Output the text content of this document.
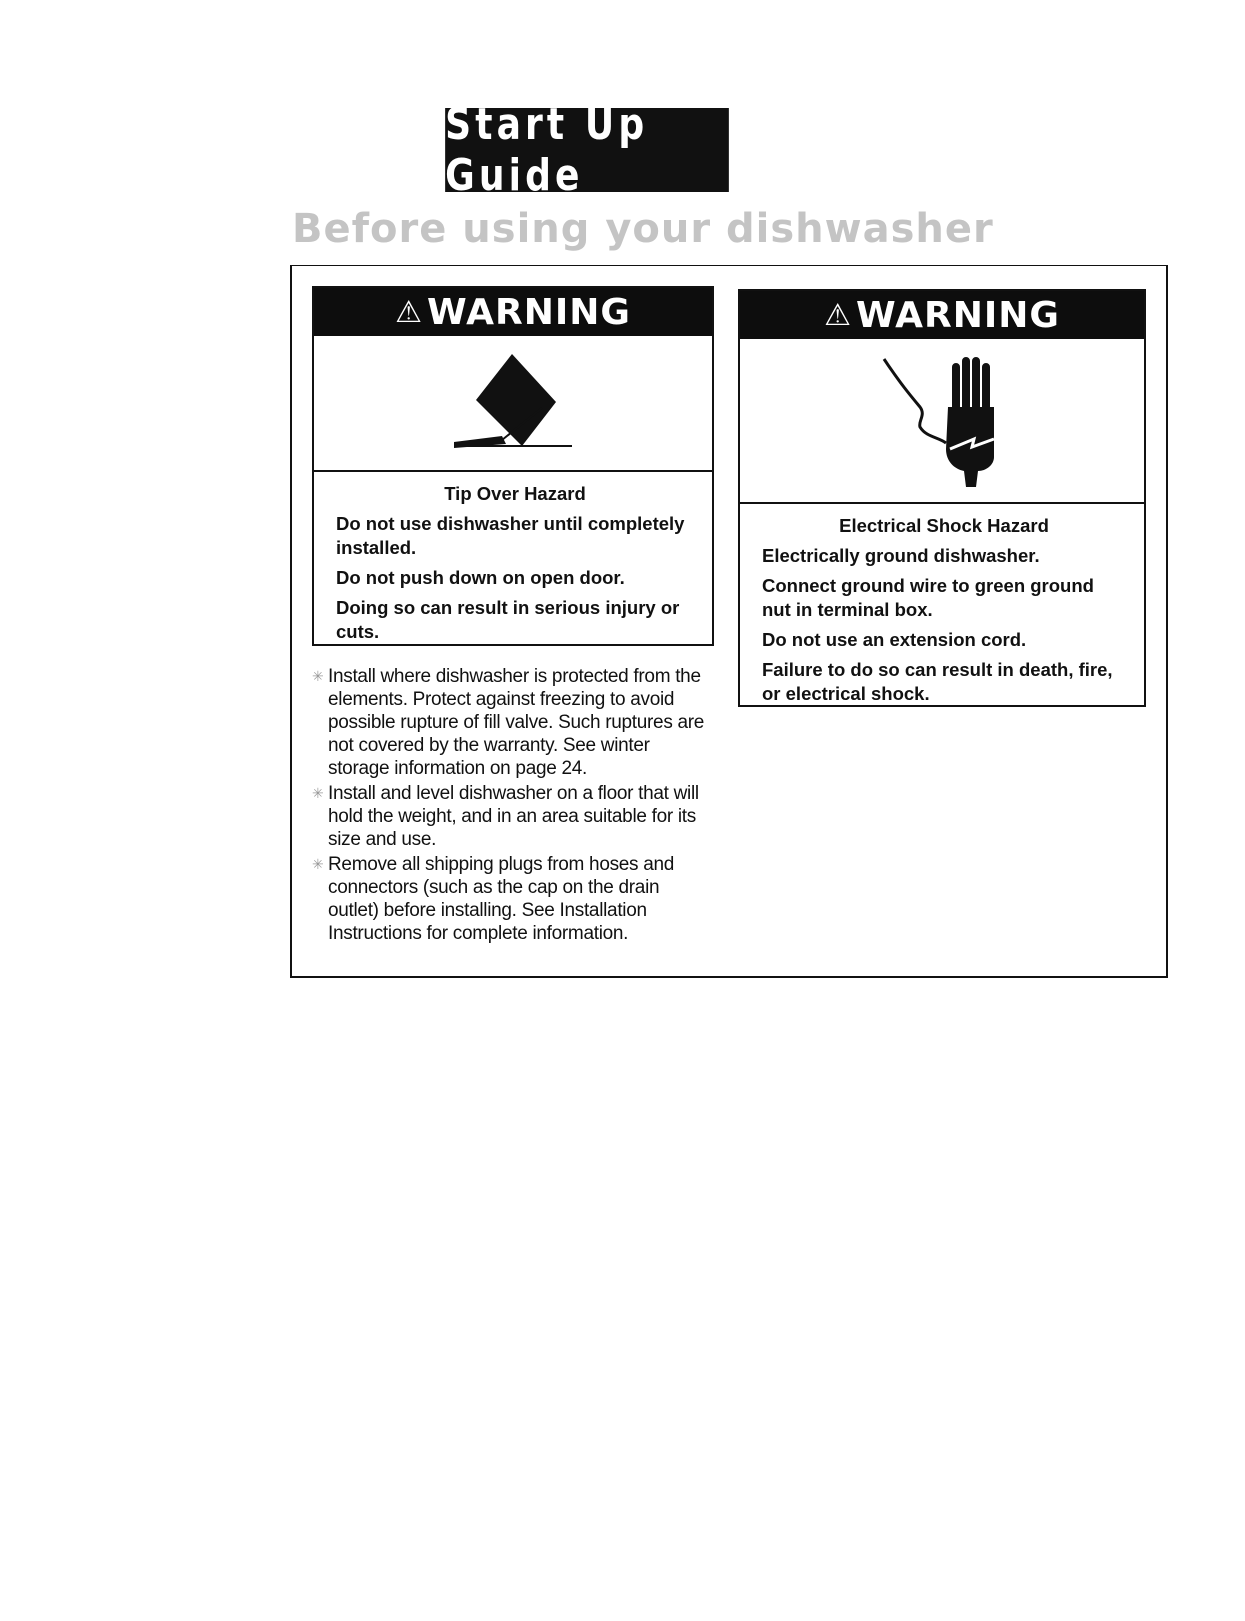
Start Up Guide
Before using your dishwasher
⚠ WARNING
Tip Over Hazard

Do not use dishwasher until completely installed.

Do not push down on open door.

Doing so can result in serious injury or cuts.

⚠ WARNING
Electrical Shock Hazard

Electrically ground dishwasher.

Connect ground wire to green ground nut in terminal box.

Do not use an extension cord.

Failure to do so can result in death, fire, or electrical shock.

✳ Install where dishwasher is protected from the elements. Protect against freezing to avoid possible rupture of fill valve. Such ruptures are not covered by the warranty. See winter storage information on page 24.
✳ Install and level dishwasher on a floor that will hold the weight, and in an area suitable for its size and use.
✳ Remove all shipping plugs from hoses and connectors (such as the cap on the drain outlet) before installing. See Installation Instructions for complete information.
